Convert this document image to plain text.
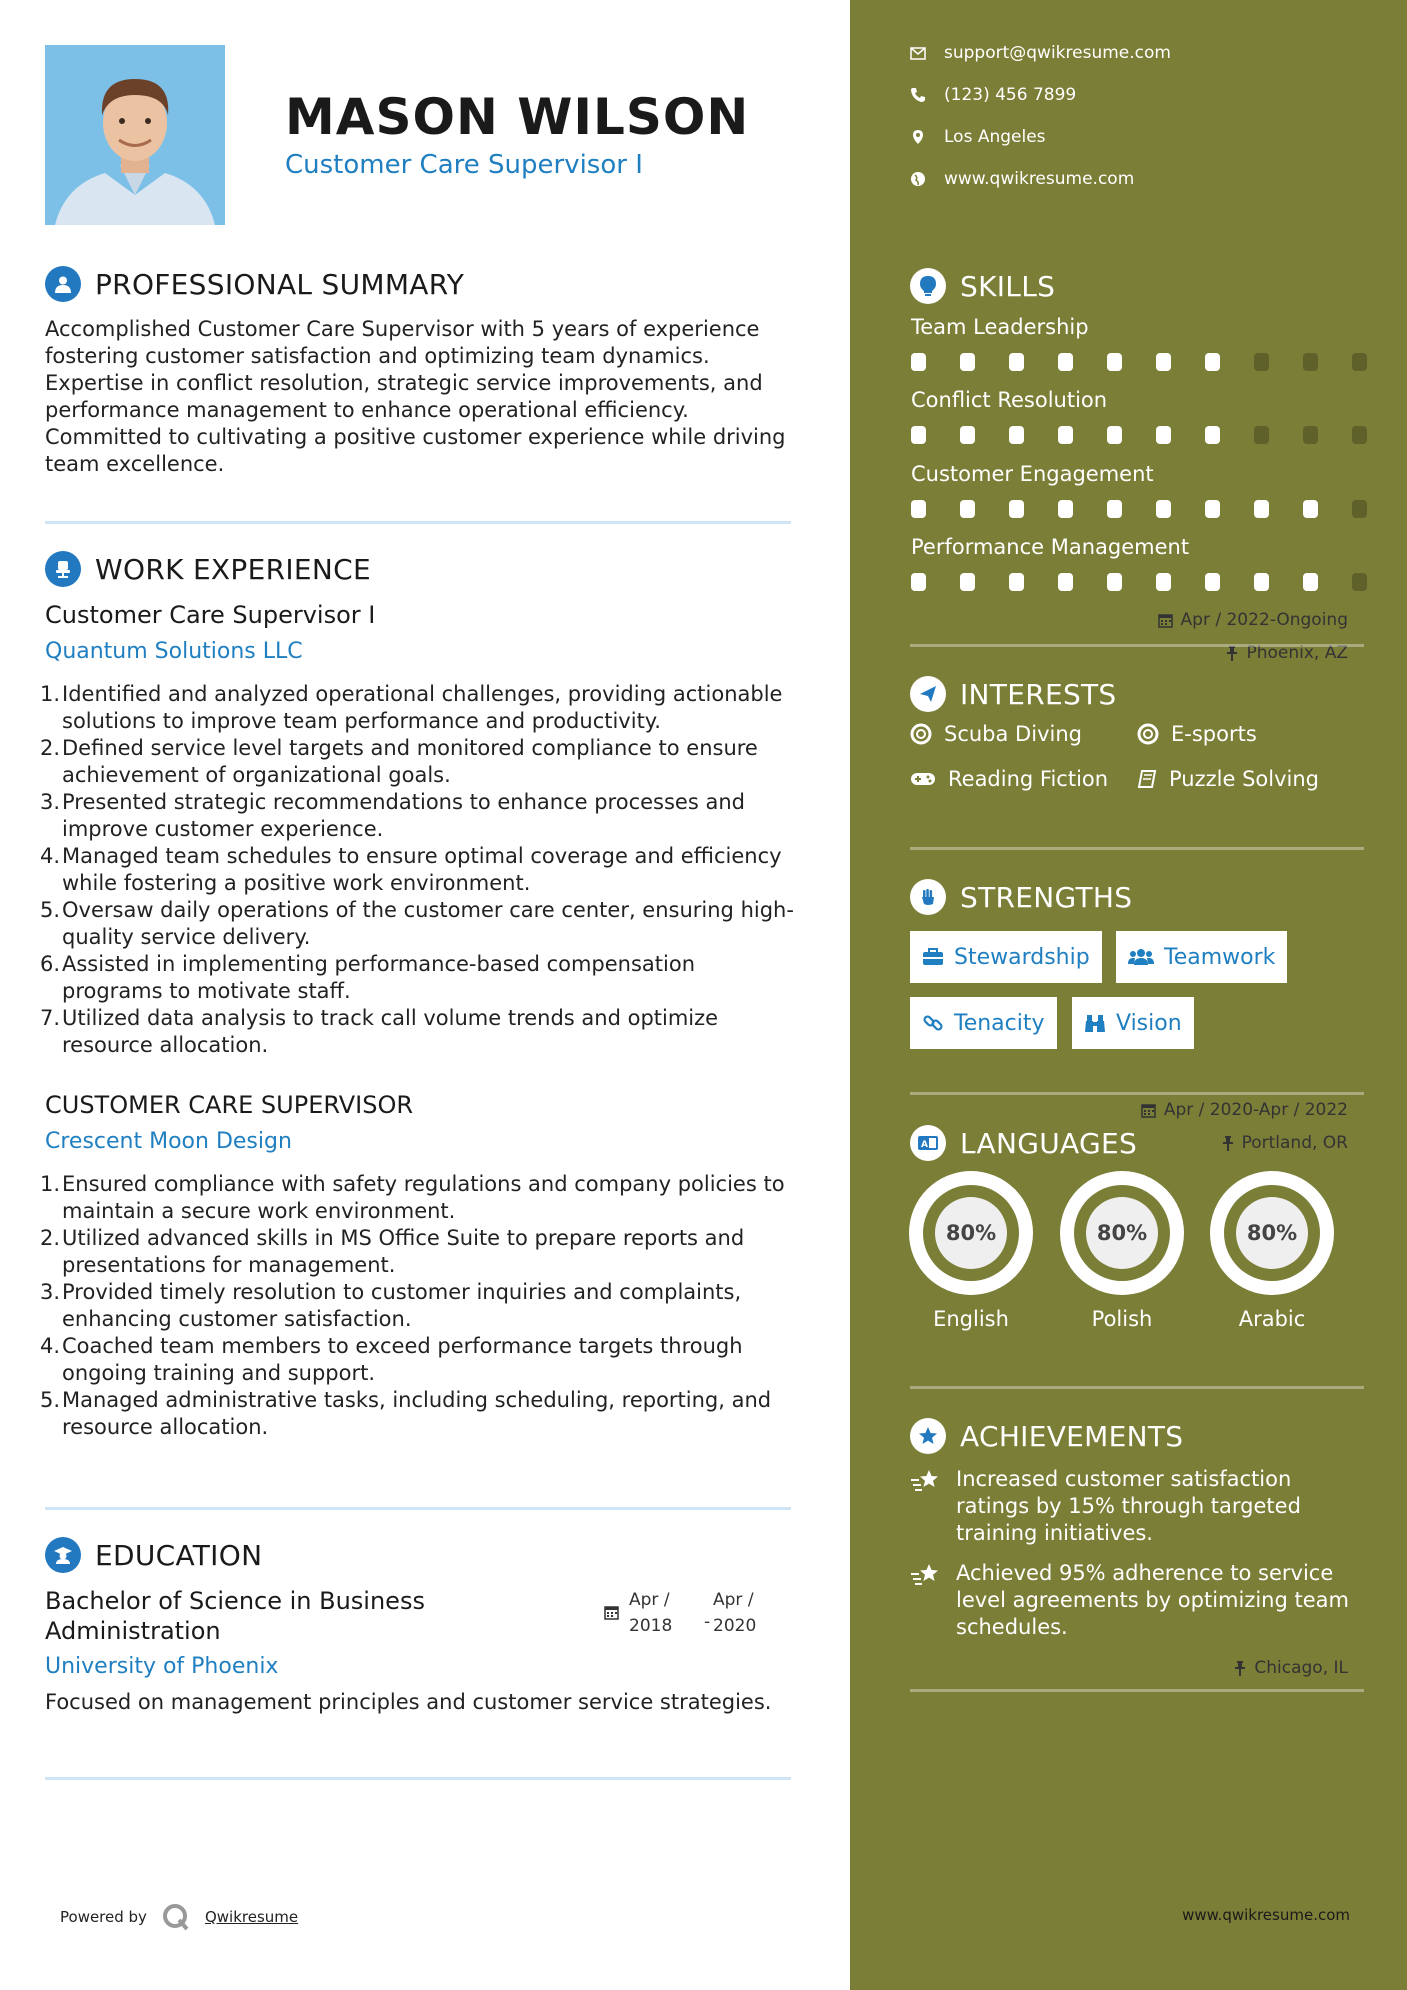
MASON WILSON
Customer Care Supervisor I
PROFESSIONAL SUMMARY
Accomplished Customer Care Supervisor with 5 years of experience fostering customer satisfaction and optimizing team dynamics. Expertise in conflict resolution, strategic service improvements, and performance management to enhance operational efficiency. Committed to cultivating a positive customer experience while driving team excellence.
WORK EXPERIENCE
Customer Care Supervisor I	Apr / 2022-Ongoing
Quantum Solutions LLC	Phoenix, AZ
1. Identified and analyzed operational challenges, providing actionable solutions to improve team performance and productivity.
2. Defined service level targets and monitored compliance to ensure achievement of organizational goals.
3. Presented strategic recommendations to enhance processes and improve customer experience.
4. Managed team schedules to ensure optimal coverage and efficiency while fostering a positive work environment.
5. Oversaw daily operations of the customer care center, ensuring high-quality service delivery.
6. Assisted in implementing performance-based compensation programs to motivate staff.
7. Utilized data analysis to track call volume trends and optimize resource allocation.
CUSTOMER CARE SUPERVISOR	Apr / 2020-Apr / 2022
Crescent Moon Design	Portland, OR
1. Ensured compliance with safety regulations and company policies to maintain a secure work environment.
2. Utilized advanced skills in MS Office Suite to prepare reports and presentations for management.
3. Provided timely resolution to customer inquiries and complaints, enhancing customer satisfaction.
4. Coached team members to exceed performance targets through ongoing training and support.
5. Managed administrative tasks, including scheduling, reporting, and resource allocation.
EDUCATION
Bachelor of Science in Business Administration
Apr /
2018 -
Apr /
2020
University of Phoenix	Chicago, IL
Focused on management principles and customer service strategies.
Powered by	Qwikresume	www.qwikresume.com
support@qwikresume.com
(123) 456 7899
Los Angeles
www.qwikresume.com
SKILLS
Team Leadership
Conflict Resolution
Customer Engagement
Performance Management
INTERESTS
Scuba Diving	E-sports
Reading Fiction	Puzzle Solving
STRENGTHS
Stewardship	Teamwork
Tenacity	Vision
A LANGUAGES
80%
English
80%
Polish
80%
Arabic
ACHIEVEMENTS
Increased customer satisfaction ratings by 15% through targeted training initiatives.
Achieved 95% adherence to service level agreements by optimizing team schedules.
